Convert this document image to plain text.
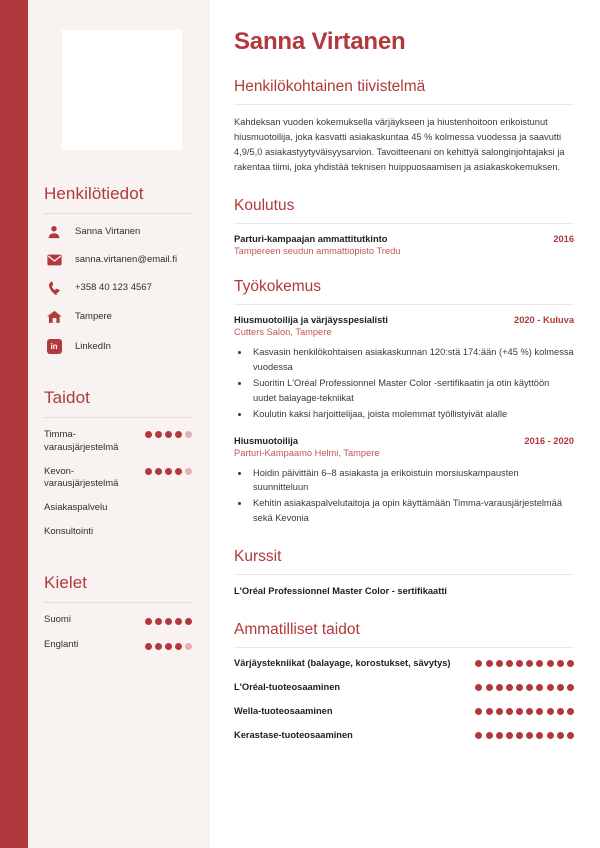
Henkilötiedot
Sanna Virtanen
sanna.virtanen@email.fi
+358 40 123 4567
Tampere
in	LinkedIn
Taidot
Timma-varausjärjestelmä
Kevon-varausjärjestelmä
Asiakaspalvelu
Konsultointi
Kielet
Suomi
Englanti
Sanna Virtanen
Henkilökohtainen tiivistelmä

Kahdeksan vuoden kokemuksella värjäykseen ja hiustenhoitoon erikoistunut hiusmuotoilija, joka kasvatti asiakaskuntaa 45 % kolmessa vuodessa ja saavutti 4,9/5,0 asiakastyytyväisyysarvion. Tavoitteenani on kehittyä salonginjohtajaksi ja rakentaa tiimi, joka yhdistää teknisen huippuosaamisen ja asiakaskokemuksen.

Koulutus
Parturi-kampaajan ammattitutkinto	2016
Tampereen seudun ammattiopisto Tredu
Työkokemus
Hiusmuotoilija ja värjäysspesialisti	2020 - Kuluva
Cutters Salon, Tampere
• Kasvasin henkilökohtaisen asiakaskunnan 120:stä 174:ään (+45 %) kolmessa vuodessa
• Suoritin L'Oréal Professionnel Master Color -sertifikaatin ja otin käyttöön uudet balayage-tekniikat
• Koulutin kaksi harjoittelijaa, joista molemmat työllistyivät alalle
Hiusmuotoilija	2016 - 2020
Parturi-Kampaamo Helmi, Tampere
• Hoidin päivittäin 6–8 asiakasta ja erikoistuin morsiuskampausten suunnitteluun
• Kehitin asiakaspalvelutaitoja ja opin käyttämään Timma-varausjärjestelmää sekä Kevonia
Kurssit
L'Oréal Professionnel Master Color - sertifikaatti
Ammatilliset taidot
Värjäystekniikat (balayage, korostukset, sävytys)
L'Oréal-tuoteosaaminen
Wella-tuoteosaaminen
Kerastase-tuoteosaaminen
